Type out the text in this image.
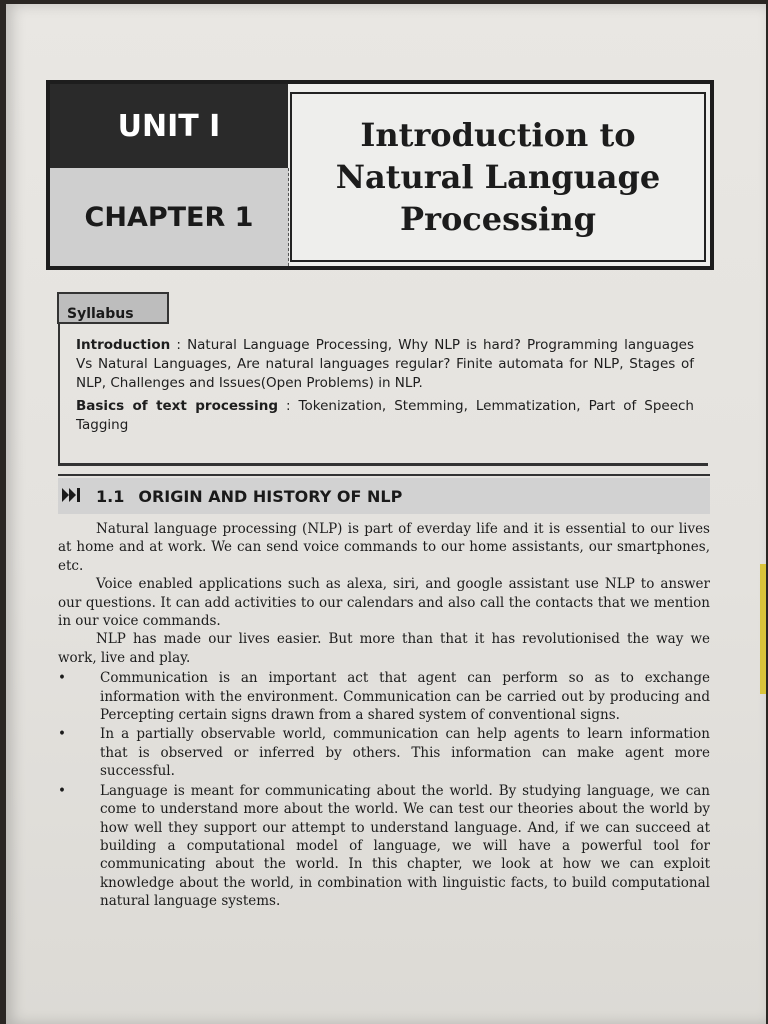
UNIT I
CHAPTER 1
Introduction to Natural Language Processing
Syllabus

Introduction : Natural Language Processing, Why NLP is hard? Programming languages Vs Natural Languages, Are natural languages regular? Finite automata for NLP, Stages of NLP, Challenges and Issues(Open Problems) in NLP.

Basics of text processing : Tokenization, Stemming, Lemmatization, Part of Speech Tagging

1.1 ORIGIN AND HISTORY OF NLP

Natural language processing (NLP) is part of everday life and it is essential to our lives at home and at work. We can send voice commands to our home assistants, our smartphones, etc.

Voice enabled applications such as alexa, siri, and google assistant use NLP to answer our questions. It can add activities to our calendars and also call the contacts that we mention in our voice commands.

NLP has made our lives easier. But more than that it has revolutionised the way we work, live and play.

•	Communication is an important act that agent can perform so as to exchange information with the environment. Communication can be carried out by producing and Percepting certain signs drawn from a shared system of conventional signs.
•	In a partially observable world, communication can help agents to learn information that is observed or inferred by others. This information can make agent more successful.
•	Language is meant for communicating about the world. By studying language, we can come to understand more about the world. We can test our theories about the world by how well they support our attempt to understand language. And, if we can succeed at building a computational model of language, we will have a powerful tool for communicating about the world. In this chapter, we look at how we can exploit knowledge about the world, in combination with linguistic facts, to build computational natural language systems.
